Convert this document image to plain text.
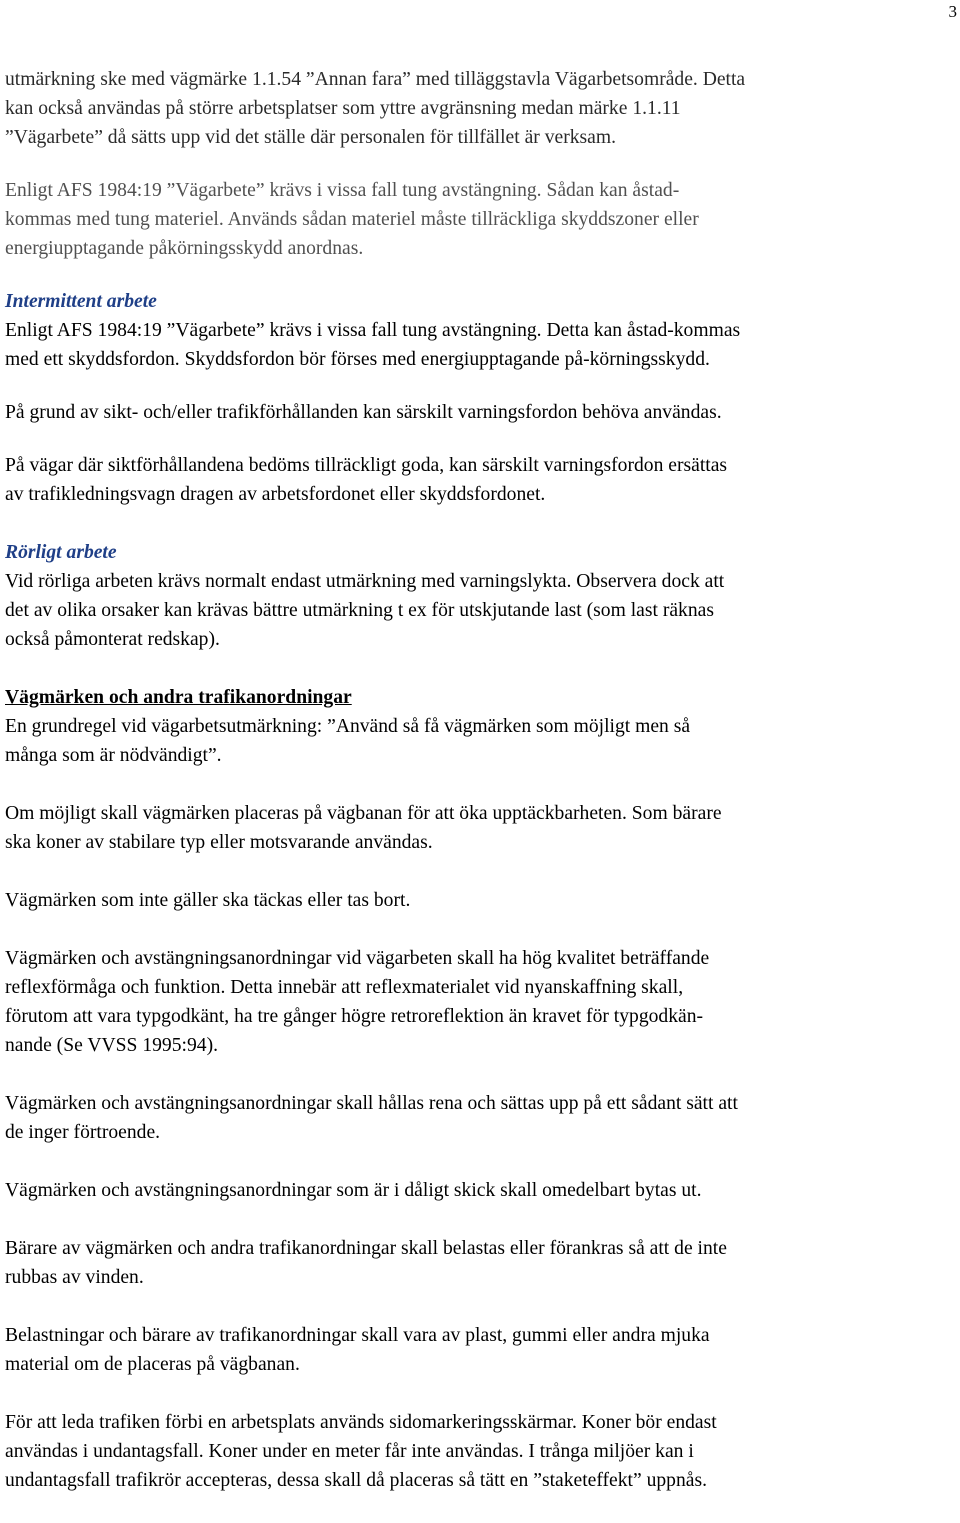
3

utmärkning ske med vägmärke 1.1.54 ”Annan fara” med tilläggstavla Vägarbetsområde. Detta
kan också användas på större arbetsplatser som yttre avgränsning medan märke 1.1.11
”Vägarbete” då sätts upp vid det ställe där personalen för tillfället är verksam.

Enligt AFS 1984:19 ”Vägarbete” krävs i vissa fall tung avstängning. Sådan kan åstad-
kommas med tung materiel. Används sådan materiel måste tillräckliga skyddszoner eller
energiupptagande påkörningsskydd anordnas.

Intermittent arbete

Enligt AFS 1984:19 ”Vägarbete” krävs i vissa fall tung avstängning. Detta kan åstad-kommas
med ett skyddsfordon. Skyddsfordon bör förses med energiupptagande på-körningsskydd.

På grund av sikt- och/eller trafikförhållanden kan särskilt varningsfordon behöva användas.

På vägar där siktförhållandena bedöms tillräckligt goda, kan särskilt varningsfordon ersättas
av trafikledningsvagn dragen av arbetsfordonet eller skyddsfordonet.

Rörligt arbete

Vid rörliga arbeten krävs normalt endast utmärkning med varningslykta. Observera dock att
det av olika orsaker kan krävas bättre utmärkning t ex för utskjutande last (som last räknas
också påmonterat redskap).

Vägmärken och andra trafikanordningar

En grundregel vid vägarbetsutmärkning: ”Använd så få vägmärken som möjligt men så
många som är nödvändigt”.

Om möjligt skall vägmärken placeras på vägbanan för att öka upptäckbarheten. Som bärare
ska koner av stabilare typ eller motsvarande användas.

Vägmärken som inte gäller ska täckas eller tas bort.

Vägmärken och avstängningsanordningar vid vägarbeten skall ha hög kvalitet beträffande
reflexförmåga och funktion. Detta innebär att reflexmaterialet vid nyanskaffning skall,
förutom att vara typgodkänt, ha tre gånger högre retroreflektion än kravet för typgodkän-
nande (Se VVSS 1995:94).

Vägmärken och avstängningsanordningar skall hållas rena och sättas upp på ett sådant sätt att
de inger förtroende.

Vägmärken och avstängningsanordningar som är i dåligt skick skall omedelbart bytas ut.

Bärare av vägmärken och andra trafikanordningar skall belastas eller förankras så att de inte
rubbas av vinden.

Belastningar och bärare av trafikanordningar skall vara av plast, gummi eller andra mjuka
material om de placeras på vägbanan.

För att leda trafiken förbi en arbetsplats används sidomarkeringsskärmar. Koner bör endast
användas i undantagsfall. Koner under en meter får inte användas. I trånga miljöer kan i
undantagsfall trafikrör accepteras, dessa skall då placeras så tätt en ”staketeffekt” uppnås.
